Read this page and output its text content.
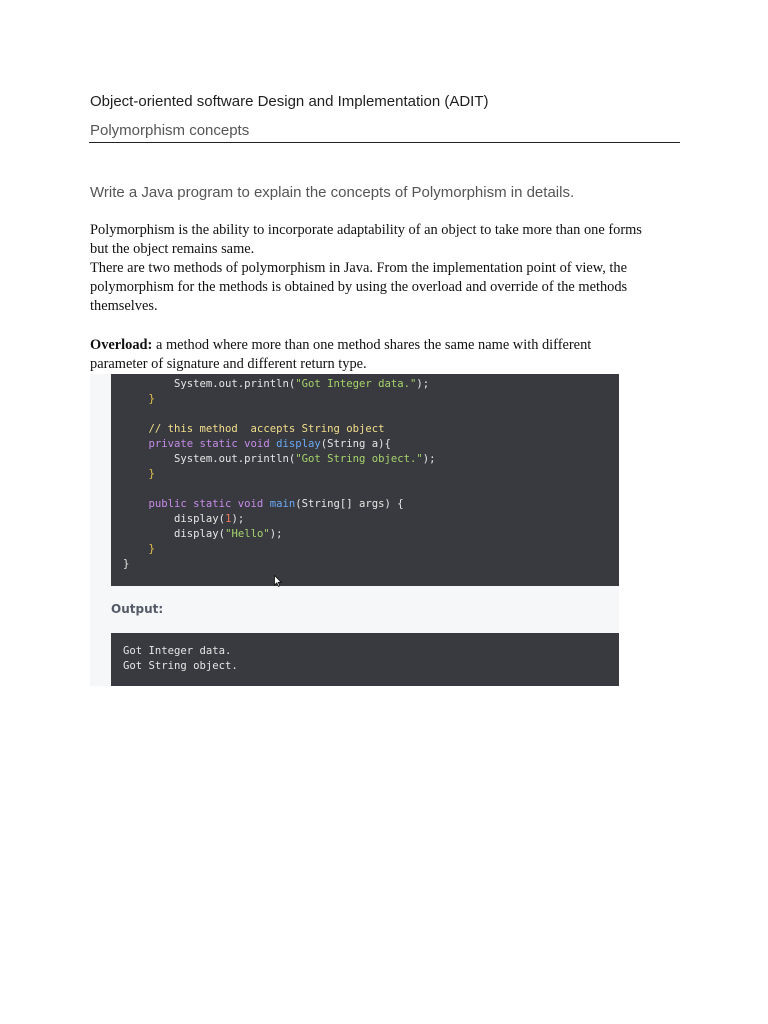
Object-oriented software Design and Implementation (ADIT)
Polymorphism concepts
Write a Java program to explain the concepts of Polymorphism in details.
Polymorphism is the ability to incorporate adaptability of an object to take more than one forms
but the object remains same.
There are two methods of polymorphism in Java. From the implementation point of view, the
polymorphism for the methods is obtained by using the overload and override of the methods
themselves.
Overload: a method where more than one method shares the same name with different
parameter of signature and different return type.
System.out.println("Got Integer data.");
}
// this method  accepts String object
private static void display(String a){
System.out.println("Got String object.");
}
public static void main(String[] args) {
display(1);
display("Hello");
}
}
Output:
Got Integer data.
Got String object.
